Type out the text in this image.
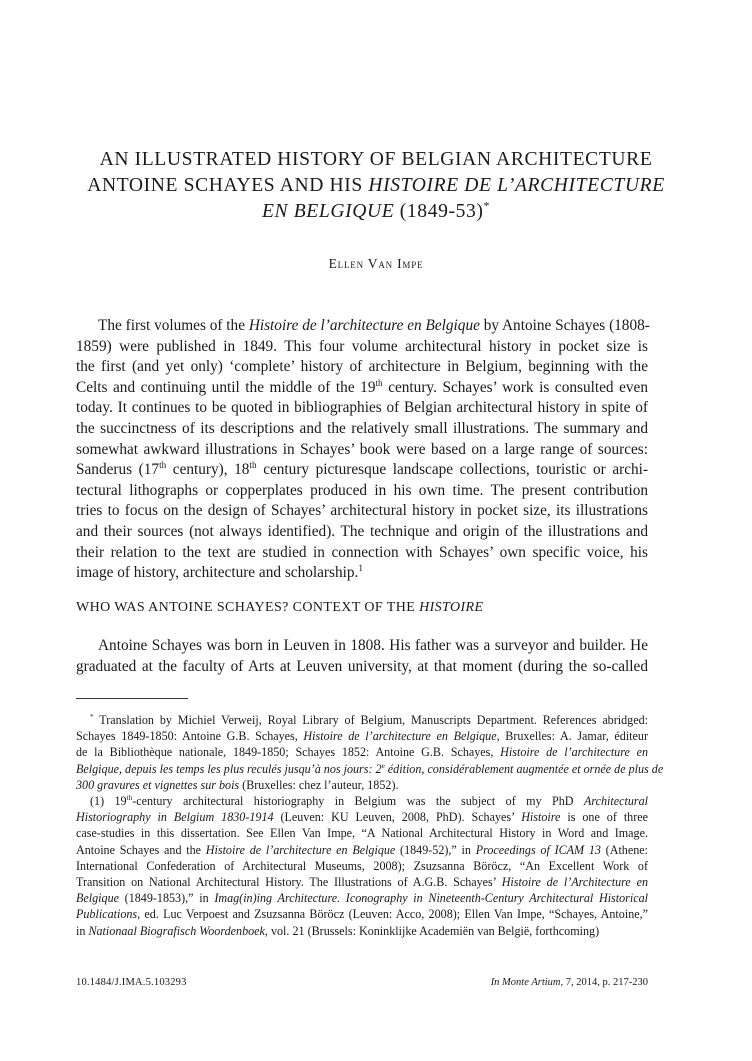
AN ILLUSTRATED HISTORY OF BELGIAN ARCHITECTURE
ANTOINE SCHAYES AND HIS HISTOIRE DE L’ARCHITECTURE
EN BELGIQUE (1849-53)*
Ellen Van Impe
The first volumes of the Histoire de l’architecture en Belgique by Antoine Schayes (1808-
1859) were published in 1849. This four volume architectural history in pocket size is
the first (and yet only) ‘complete’ history of architecture in Belgium, beginning with the
Celts and continuing until the middle of the 19th century. Schayes’ work is consulted even
today. It continues to be quoted in bibliographies of Belgian architectural history in spite of
the succinctness of its descriptions and the relatively small illustrations. The summary and
somewhat awkward illustrations in Schayes’ book were based on a large range of sources:
Sanderus (17th century), 18th century picturesque landscape collections, touristic or archi-
tectural lithographs or copperplates produced in his own time. The present contribution
tries to focus on the design of Schayes’ architectural history in pocket size, its illustrations
and their sources (not always identified). The technique and origin of the illustrations and
their relation to the text are studied in connection with Schayes’ own specific voice, his
image of history, architecture and scholarship.$^1$
WHO WAS ANTOINE SCHAYES? CONTEXT OF THE HISTOIRE
Antoine Schayes was born in Leuven in 1808. His father was a surveyor and builder. He
graduated at the faculty of Arts at Leuven university, at that moment (during the so-called
* Translation by Michiel Verweij, Royal Library of Belgium, Manuscripts Department. References abridged:
Schayes 1849-1850: Antoine G.B. Schayes, Histoire de l’architecture en Belgique, Bruxelles: A. Jamar, éditeur
de la Bibliothèque nationale, 1849-1850; Schayes 1852: Antoine G.B. Schayes, Histoire de l’architecture en
Belgique, depuis les temps les plus reculés jusqu’à nos jours: 2e édition, considérablement augmentée et ornée de plus de
300 gravures et vignettes sur bois (Bruxelles: chez l’auteur, 1852).
(1) 19th-century architectural historiography in Belgium was the subject of my PhD Architectural
Historiography in Belgium 1830-1914 (Leuven: KU Leuven, 2008, PhD). Schayes’ Histoire is one of three
case-studies in this dissertation. See Ellen Van Impe, “A National Architectural History in Word and Image.
Antoine Schayes and the Histoire de l’architecture en Belgique (1849-52),” in Proceedings of ICAM 13 (Athene:
International Confederation of Architectural Museums, 2008); Zsuzsanna Böröcz, “An Excellent Work of
Transition on National Architectural History. The Illustrations of A.G.B. Schayes’ Histoire de l’Architecture en
Belgique (1849-1853),” in Imag(in)ing Architecture. Iconography in Nineteenth-Century Architectural Historical
Publications, ed. Luc Verpoest and Zsuzsanna Böröcz (Leuven: Acco, 2008); Ellen Van Impe, “Schayes, Antoine,”
in Nationaal Biografisch Woordenboek, vol. 21 (Brussels: Koninklijke Academiën van België, forthcoming)
10.1484/J.IMA.5.103293	In Monte Artium, 7, 2014, p. 217-230
